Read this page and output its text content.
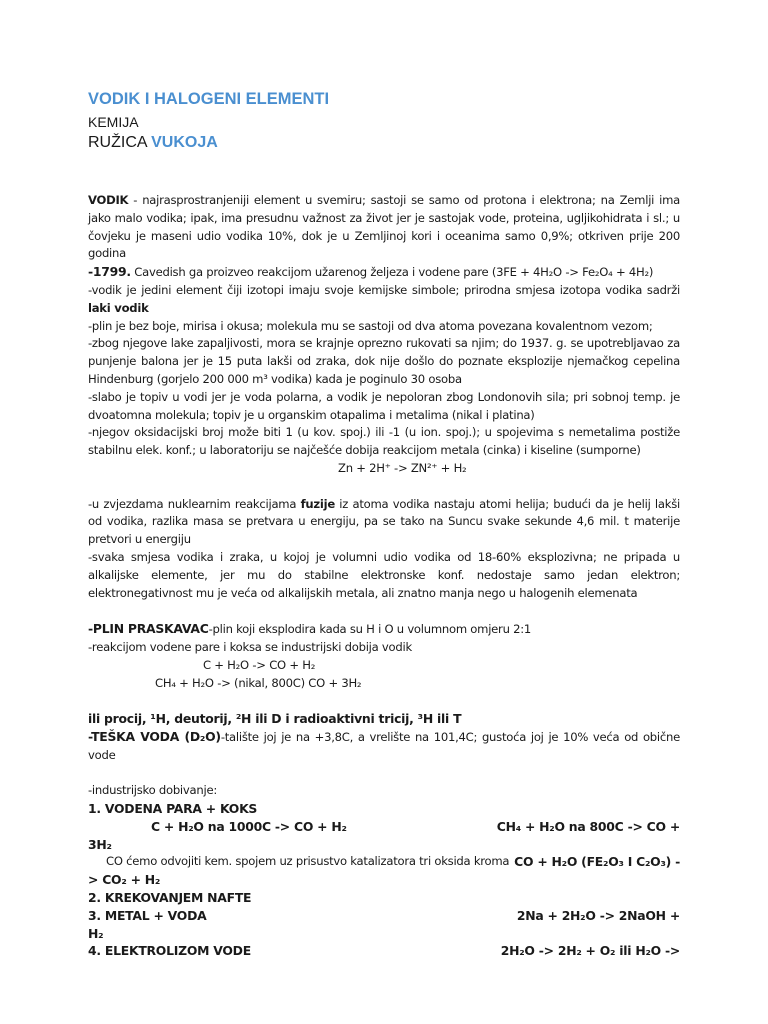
VODIK I HALOGENI ELEMENTI
KEMIJA
RUŽICA VUKOJA

VODIK - najrasprostranjeniji element u svemiru; sastoji se samo od protona i elektrona; na Zemlji ima jako malo vodika; ipak, ima presudnu važnost za život jer je sastojak vode, proteina, ugljikohidrata i sl.; u čovjeku je maseni udio vodika 10%, dok je u Zemljinoj kori i oceanima samo 0,9%; otkriven prije 200 godina

-1799. Cavedish ga proizveo reakcijom užarenog željeza i vodene pare (3FE + 4H₂O -> Fe₂O₄ + 4H₂)

-vodik je jedini element čiji izotopi imaju svoje kemijske simbole; prirodna smjesa izotopa vodika sadrži laki vodik

-plin je bez boje, mirisa i okusa; molekula mu se sastoji od dva atoma povezana kovalentnom vezom;

-zbog njegove lake zapaljivosti, mora se krajnje oprezno rukovati sa njim; do 1937. g. se upotrebljavao za punjenje balona jer je 15 puta lakši od zraka, dok nije došlo do poznate eksplozije njemačkog cepelina Hindenburg (gorjelo 200 000 m³ vodika) kada je poginulo 30 osoba

-slabo je topiv u vodi jer je voda polarna, a vodik je nepoloran zbog Londonovih sila; pri sobnoj temp. je dvoatomna molekula; topiv je u organskim otapalima i metalima (nikal i platina)

-njegov oksidacijski broj može biti 1 (u kov. spoj.) ili -1 (u ion. spoj.); u spojevima s nemetalima postiže stabilnu elek. konf.; u laboratoriju se najčešće dobija reakcijom metala (cinka) i kiseline (sumporne)

Zn + 2H⁺ -> ZN²⁺ + H₂

-u zvjezdama nuklearnim reakcijama fuzije iz atoma vodika nastaju atomi helija; budući da je helij lakši od vodika, razlika masa se pretvara u energiju, pa se tako na Suncu svake sekunde 4,6 mil. t materije pretvori u energiju

-svaka smjesa vodika i zraka, u kojoj je volumni udio vodika od 18-60% eksplozivna; ne pripada u alkalijske elemente, jer mu do stabilne elektronske konf. nedostaje samo jedan elektron; elektronegativnost mu je veća od alkalijskih metala, ali znatno manja nego u halogenih elemenata

-PLIN PRASKAVAC-plin koji eksplodira kada su H i O u volumnom omjeru 2:1

-reakcijom vodene pare i koksa se industrijski dobija vodik

C + H₂O -> CO + H₂

CH₄ + H₂O -> (nikal, 800C) CO + 3H₂

ili procij, ¹H, deutorij, ²H ili D i radioaktivni tricij, ³H ili T

-TEŠKA VODA (D₂O)-talište joj je na +3,8C, a vrelište na 101,4C; gustoća joj je 10% veća od obične vode

-industrijsko dobivanje:

1. VODENA PARA + KOKS

C + H₂O na 1000C -> CO + H₂	CH₄ + H₂O na 800C -> CO +

3H₂

CO ćemo odvojiti kem. spojem uz prisustvo katalizatora tri oksida kroma CO + H₂O (FE₂O₃ I C₂O₃) -

> CO₂ + H₂

2. KREKOVANJEM NAFTE

3. METAL + VODA	2Na + 2H₂O -> 2NaOH +

H₂

4. ELEKTROLIZOM VODE	2H₂O -> 2H₂ + O₂ ili H₂O ->
